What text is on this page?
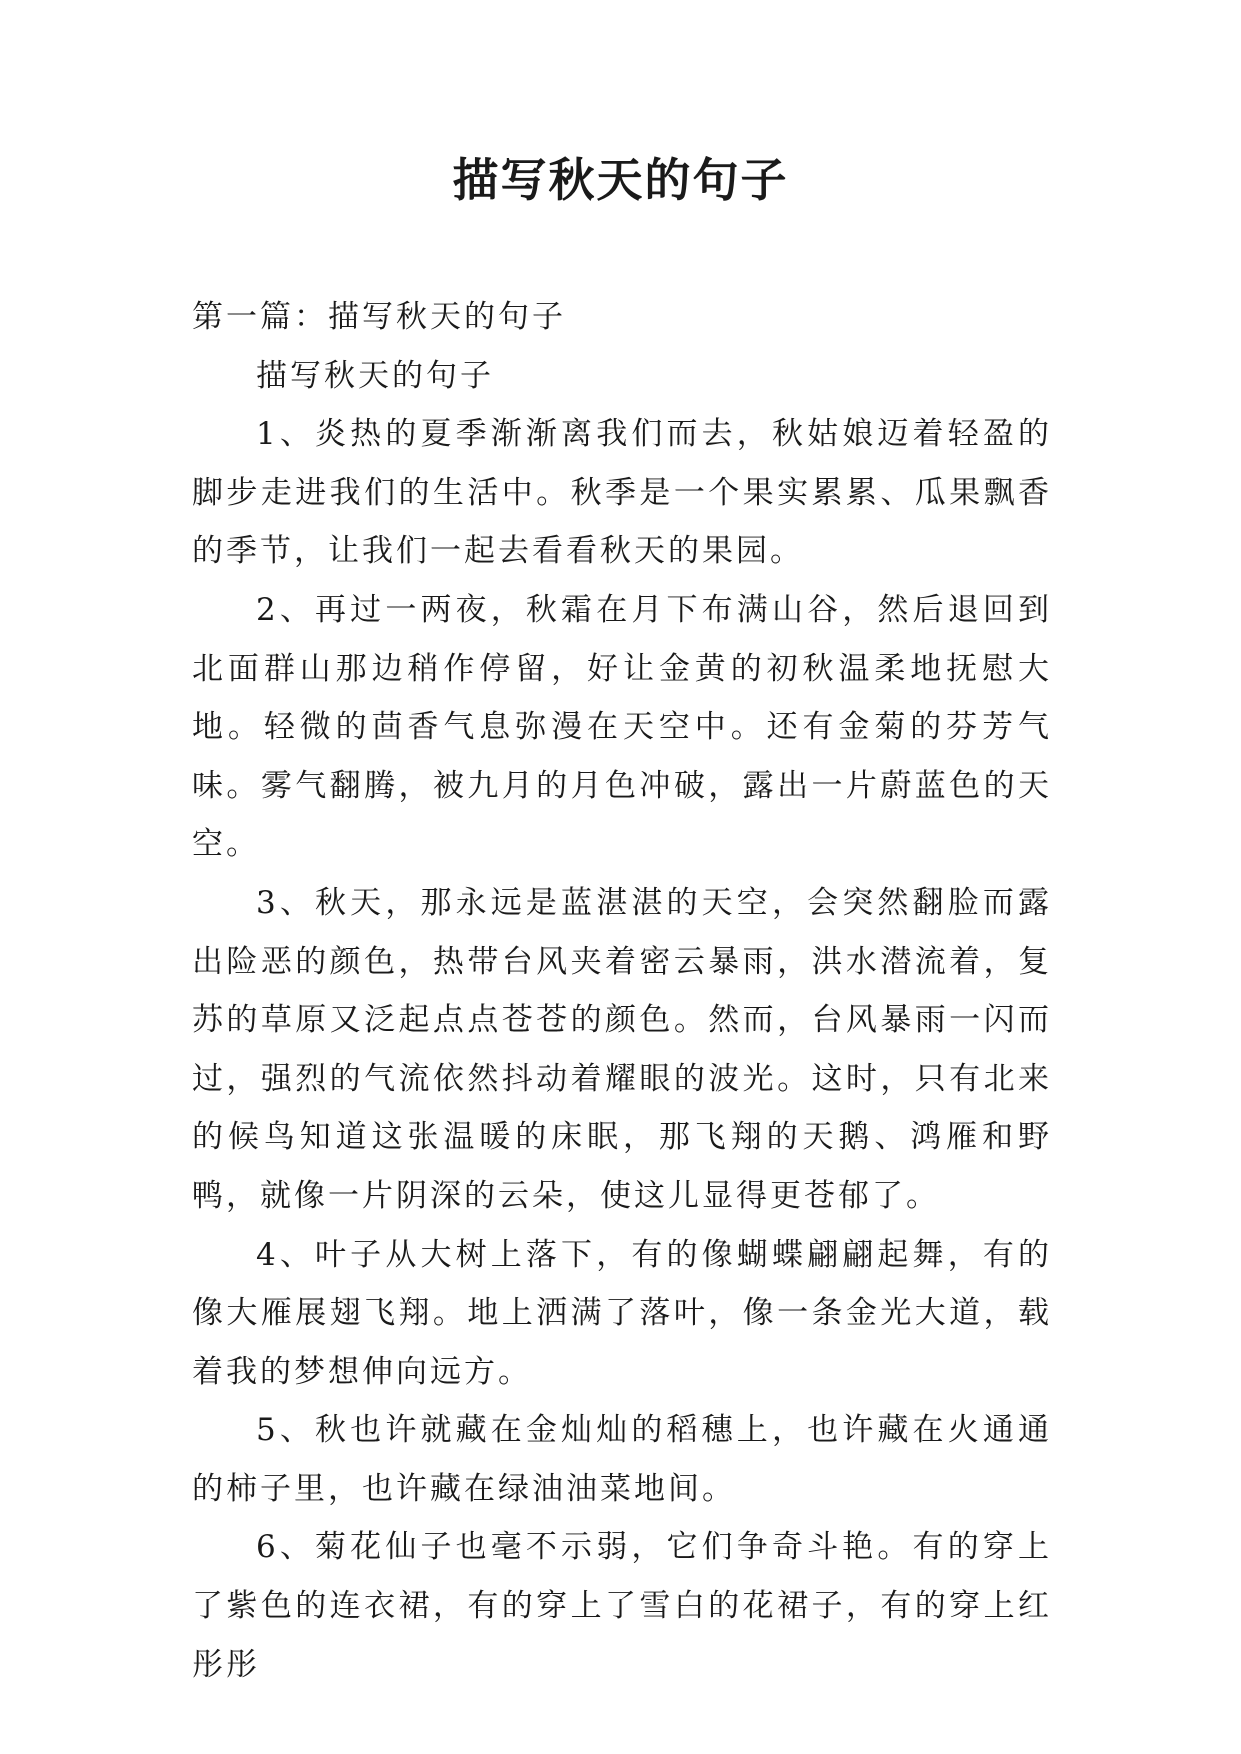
描写秋天的句子

第一篇：描写秋天的句子

描写秋天的句子

1、炎热的夏季渐渐离我们而去，秋姑娘迈着轻盈的脚步走进我们的生活中。秋季是一个果实累累、瓜果飘香的季节，让我们一起去看看秋天的果园。

2、再过一两夜，秋霜在月下布满山谷，然后退回到北面群山那边稍作停留，好让金黄的初秋温柔地抚慰大地。轻微的茴香气息弥漫在天空中。还有金菊的芬芳气味。雾气翻腾，被九月的月色冲破，露出一片蔚蓝色的天空。

3、秋天，那永远是蓝湛湛的天空，会突然翻脸而露出险恶的颜色，热带台风夹着密云暴雨，洪水潜流着，复苏的草原又泛起点点苍苍的颜色。然而，台风暴雨一闪而过，强烈的气流依然抖动着耀眼的波光。这时，只有北来的候鸟知道这张温暖的床眠，那飞翔的天鹅、鸿雁和野鸭，就像一片阴深的云朵，使这儿显得更苍郁了。

4、叶子从大树上落下，有的像蝴蝶翩翩起舞，有的像大雁展翅飞翔。地上洒满了落叶，像一条金光大道，载着我的梦想伸向远方。

5、秋也许就藏在金灿灿的稻穗上，也许藏在火通通的柿子里，也许藏在绿油油菜地间。

6、菊花仙子也毫不示弱，它们争奇斗艳。有的穿上了紫色的连衣裙，有的穿上了雪白的花裙子，有的穿上红彤彤
